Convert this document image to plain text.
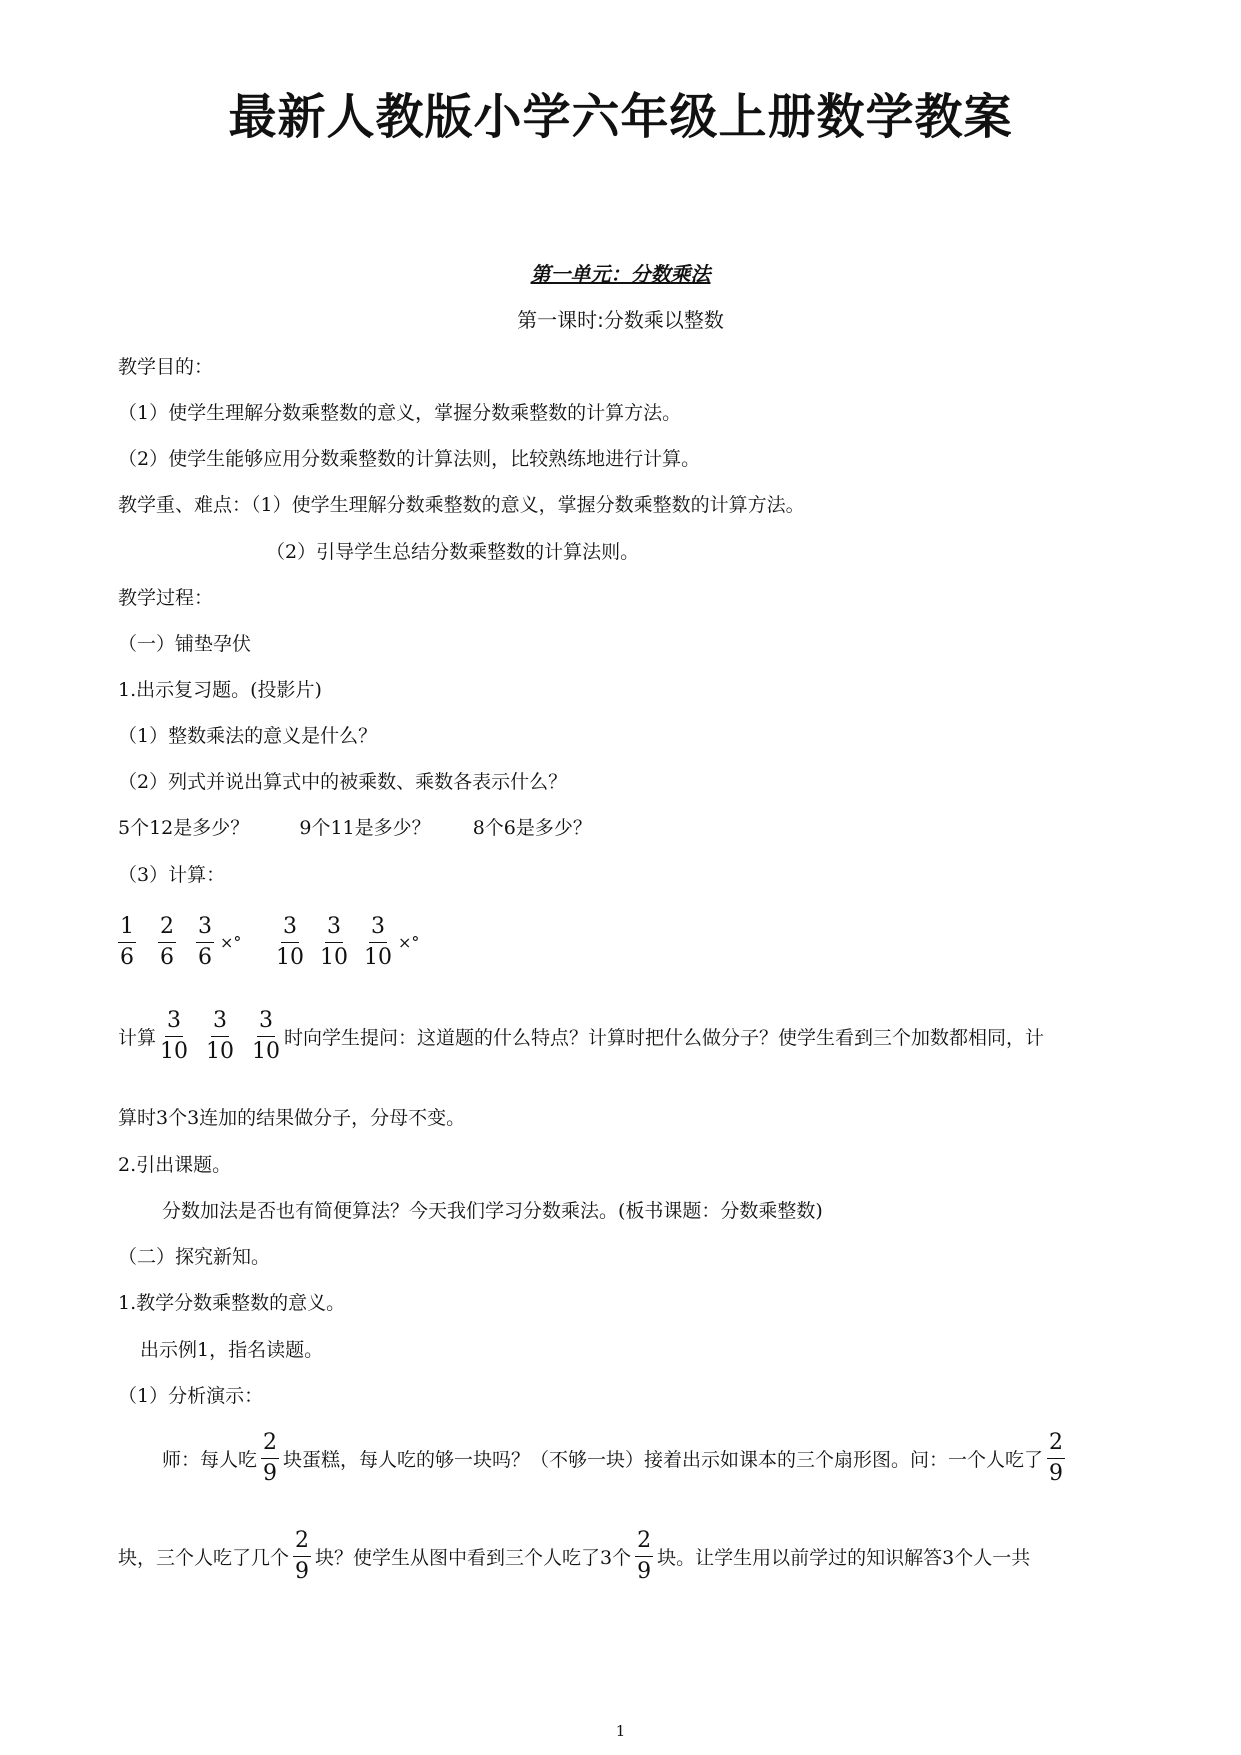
最新人教版小学六年级上册数学教案
第一单元：分数乘法
第一课时:分数乘以整数
教学目的：
（1）使学生理解分数乘整数的意义，掌握分数乘整数的计算方法。
（2）使学生能够应用分数乘整数的计算法则，比较熟练地进行计算。
教学重、难点：（1）使学生理解分数乘整数的意义，掌握分数乘整数的计算方法。
（2）引导学生总结分数乘整数的计算法则。
教学过程：
（一）铺垫孕伏
1.出示复习题。(投影片)
（1）整数乘法的意义是什么？
（2）列式并说出算式中的被乘数、乘数各表示什么？
5个12是多少？	9个11是多少？ 8个6是多少？
（3）计算：
$\frac{1}{6} \frac{2}{6} \frac{3}{6}$ ×° $\frac{3}{10} \frac{3}{10} \frac{3}{10}$ ×°
计算 $\frac{3}{10} \frac{3}{10} \frac{3}{10}$ 时向学生提问：这道题的什么特点？计算时把什么做分子？使学生看到三个加数都相同，计
算时3个3连加的结果做分子，分母不变。
2.引出课题。
分数加法是否也有简便算法？今天我们学习分数乘法。(板书课题：分数乘整数)
（二）探究新知。
1.教学分数乘整数的意义。
出示例1，指名读题。
（1）分析演示：
师：每人吃 $\frac{2}{9}$ 块蛋糕，每人吃的够一块吗？（不够一块）接着出示如课本的三个扇形图。问：一个人吃了 $\frac{2}{9}$
块，三个人吃了几个 $\frac{2}{9}$ 块？使学生从图中看到三个人吃了3个 $\frac{2}{9}$ 块。让学生用以前学过的知识解答3个人一共
1
